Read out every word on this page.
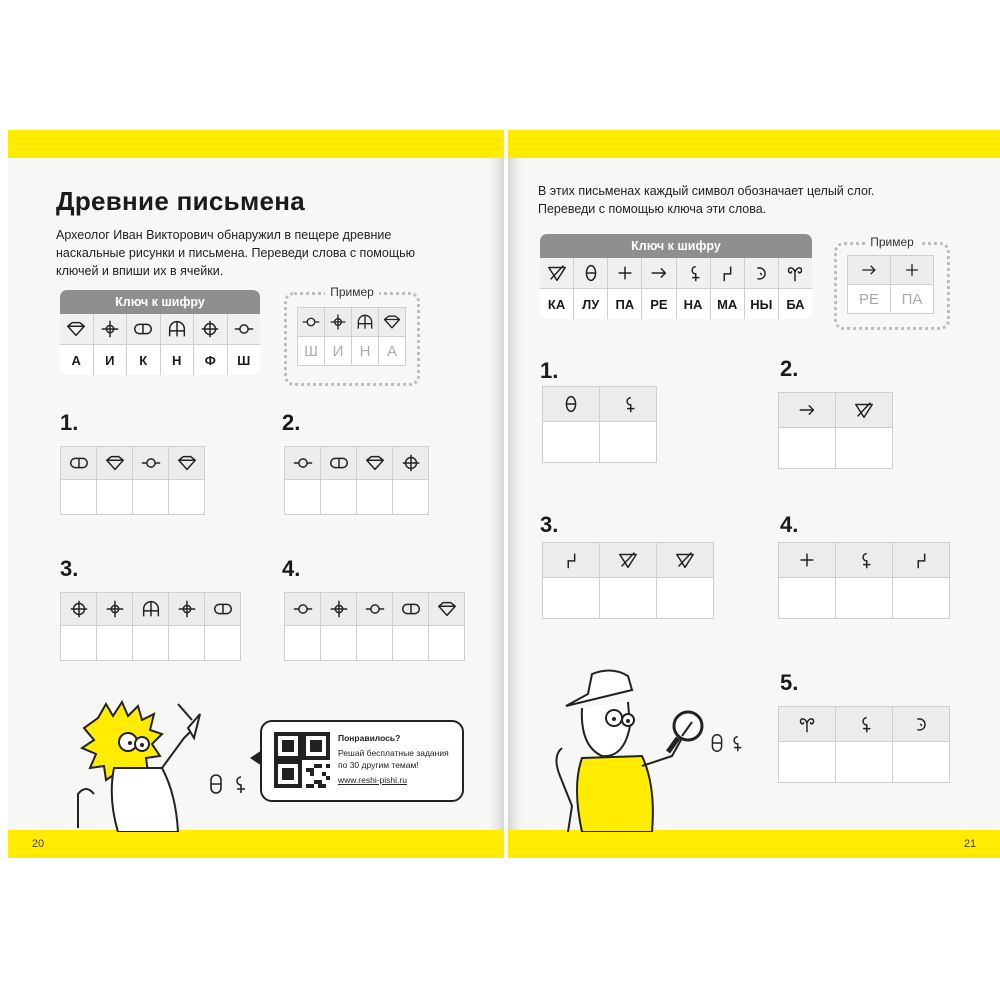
20
Древние письмена
Археолог Иван Викторович обнаружил в пещере древние
наскальные рисунки и письмена. Переведи слова с помощью
ключей и впиши их в ячейки.
Ключ к шифру
А	И	К	Н	Ф	Ш
Пример
Ш И	Н	А
1.	2.
3.	4.
Понравилось?
Решай бесплатные задания по 30 другим темам!
www.reshi-pishi.ru
21
В этих письменах каждый символ обозначает целый слог.
Переведи с помощью ключа эти слова.
Ключ к шифру
КА	ЛУ	ПА	РЕ	НА	МА НЫ	БА
Пример
РЕ	ПА
1.	2.
3.	4.
5.
